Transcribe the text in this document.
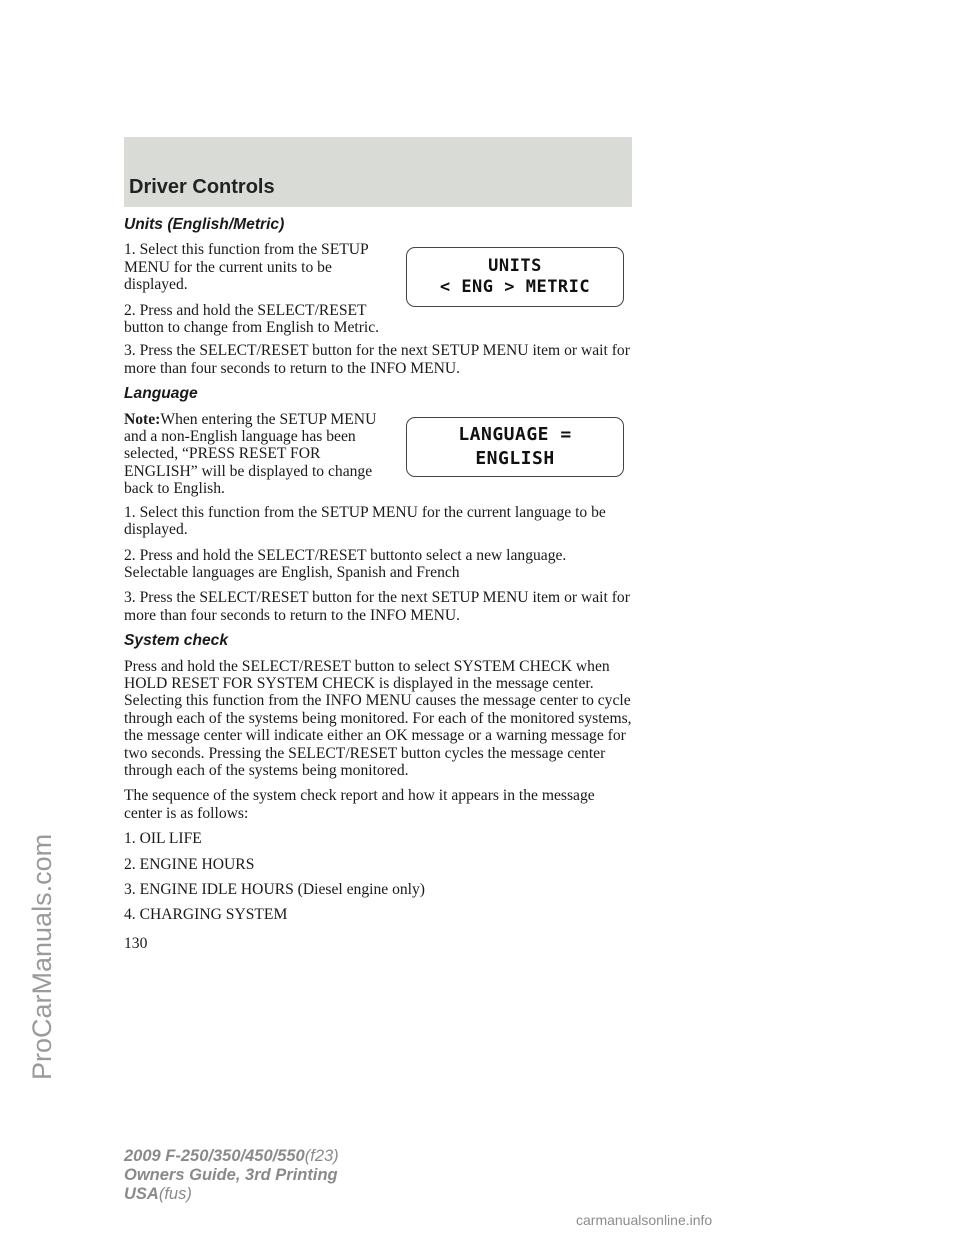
Driver Controls
ProCarManuals.com
Units (English/Metric)

1. Select this function from the SETUP MENU for the current units to be displayed.

2. Press and hold the SELECT/RESET button to change from English to Metric.

UNITS
< ENG > METRIC

3. Press the SELECT/RESET button for the next SETUP MENU item or wait for more than four seconds to return to the INFO MENU.

Language

Note:When entering the SETUP MENU and a non-English language has been selected, “PRESS RESET FOR ENGLISH” will be displayed to change back to English.

LANGUAGE =
ENGLISH

1. Select this function from the SETUP MENU for the current language to be displayed.

2. Press and hold the SELECT/RESET buttonto select a new language. Selectable languages are English, Spanish and French

3. Press the SELECT/RESET button for the next SETUP MENU item or wait for more than four seconds to return to the INFO MENU.

System check

Press and hold the SELECT/RESET button to select SYSTEM CHECK when HOLD RESET FOR SYSTEM CHECK is displayed in the message center. Selecting this function from the INFO MENU causes the message center to cycle through each of the systems being monitored. For each of the monitored systems, the message center will indicate either an OK message or a warning message for two seconds. Pressing the SELECT/RESET button cycles the message center through each of the systems being monitored.

The sequence of the system check report and how it appears in the message center is as follows:

1. OIL LIFE

2. ENGINE HOURS

3. ENGINE IDLE HOURS (Diesel engine only)

4. CHARGING SYSTEM

130

2009 F-250/350/450/550(f23)
Owners Guide, 3rd Printing
USA(fus)
carmanualsonline.info
